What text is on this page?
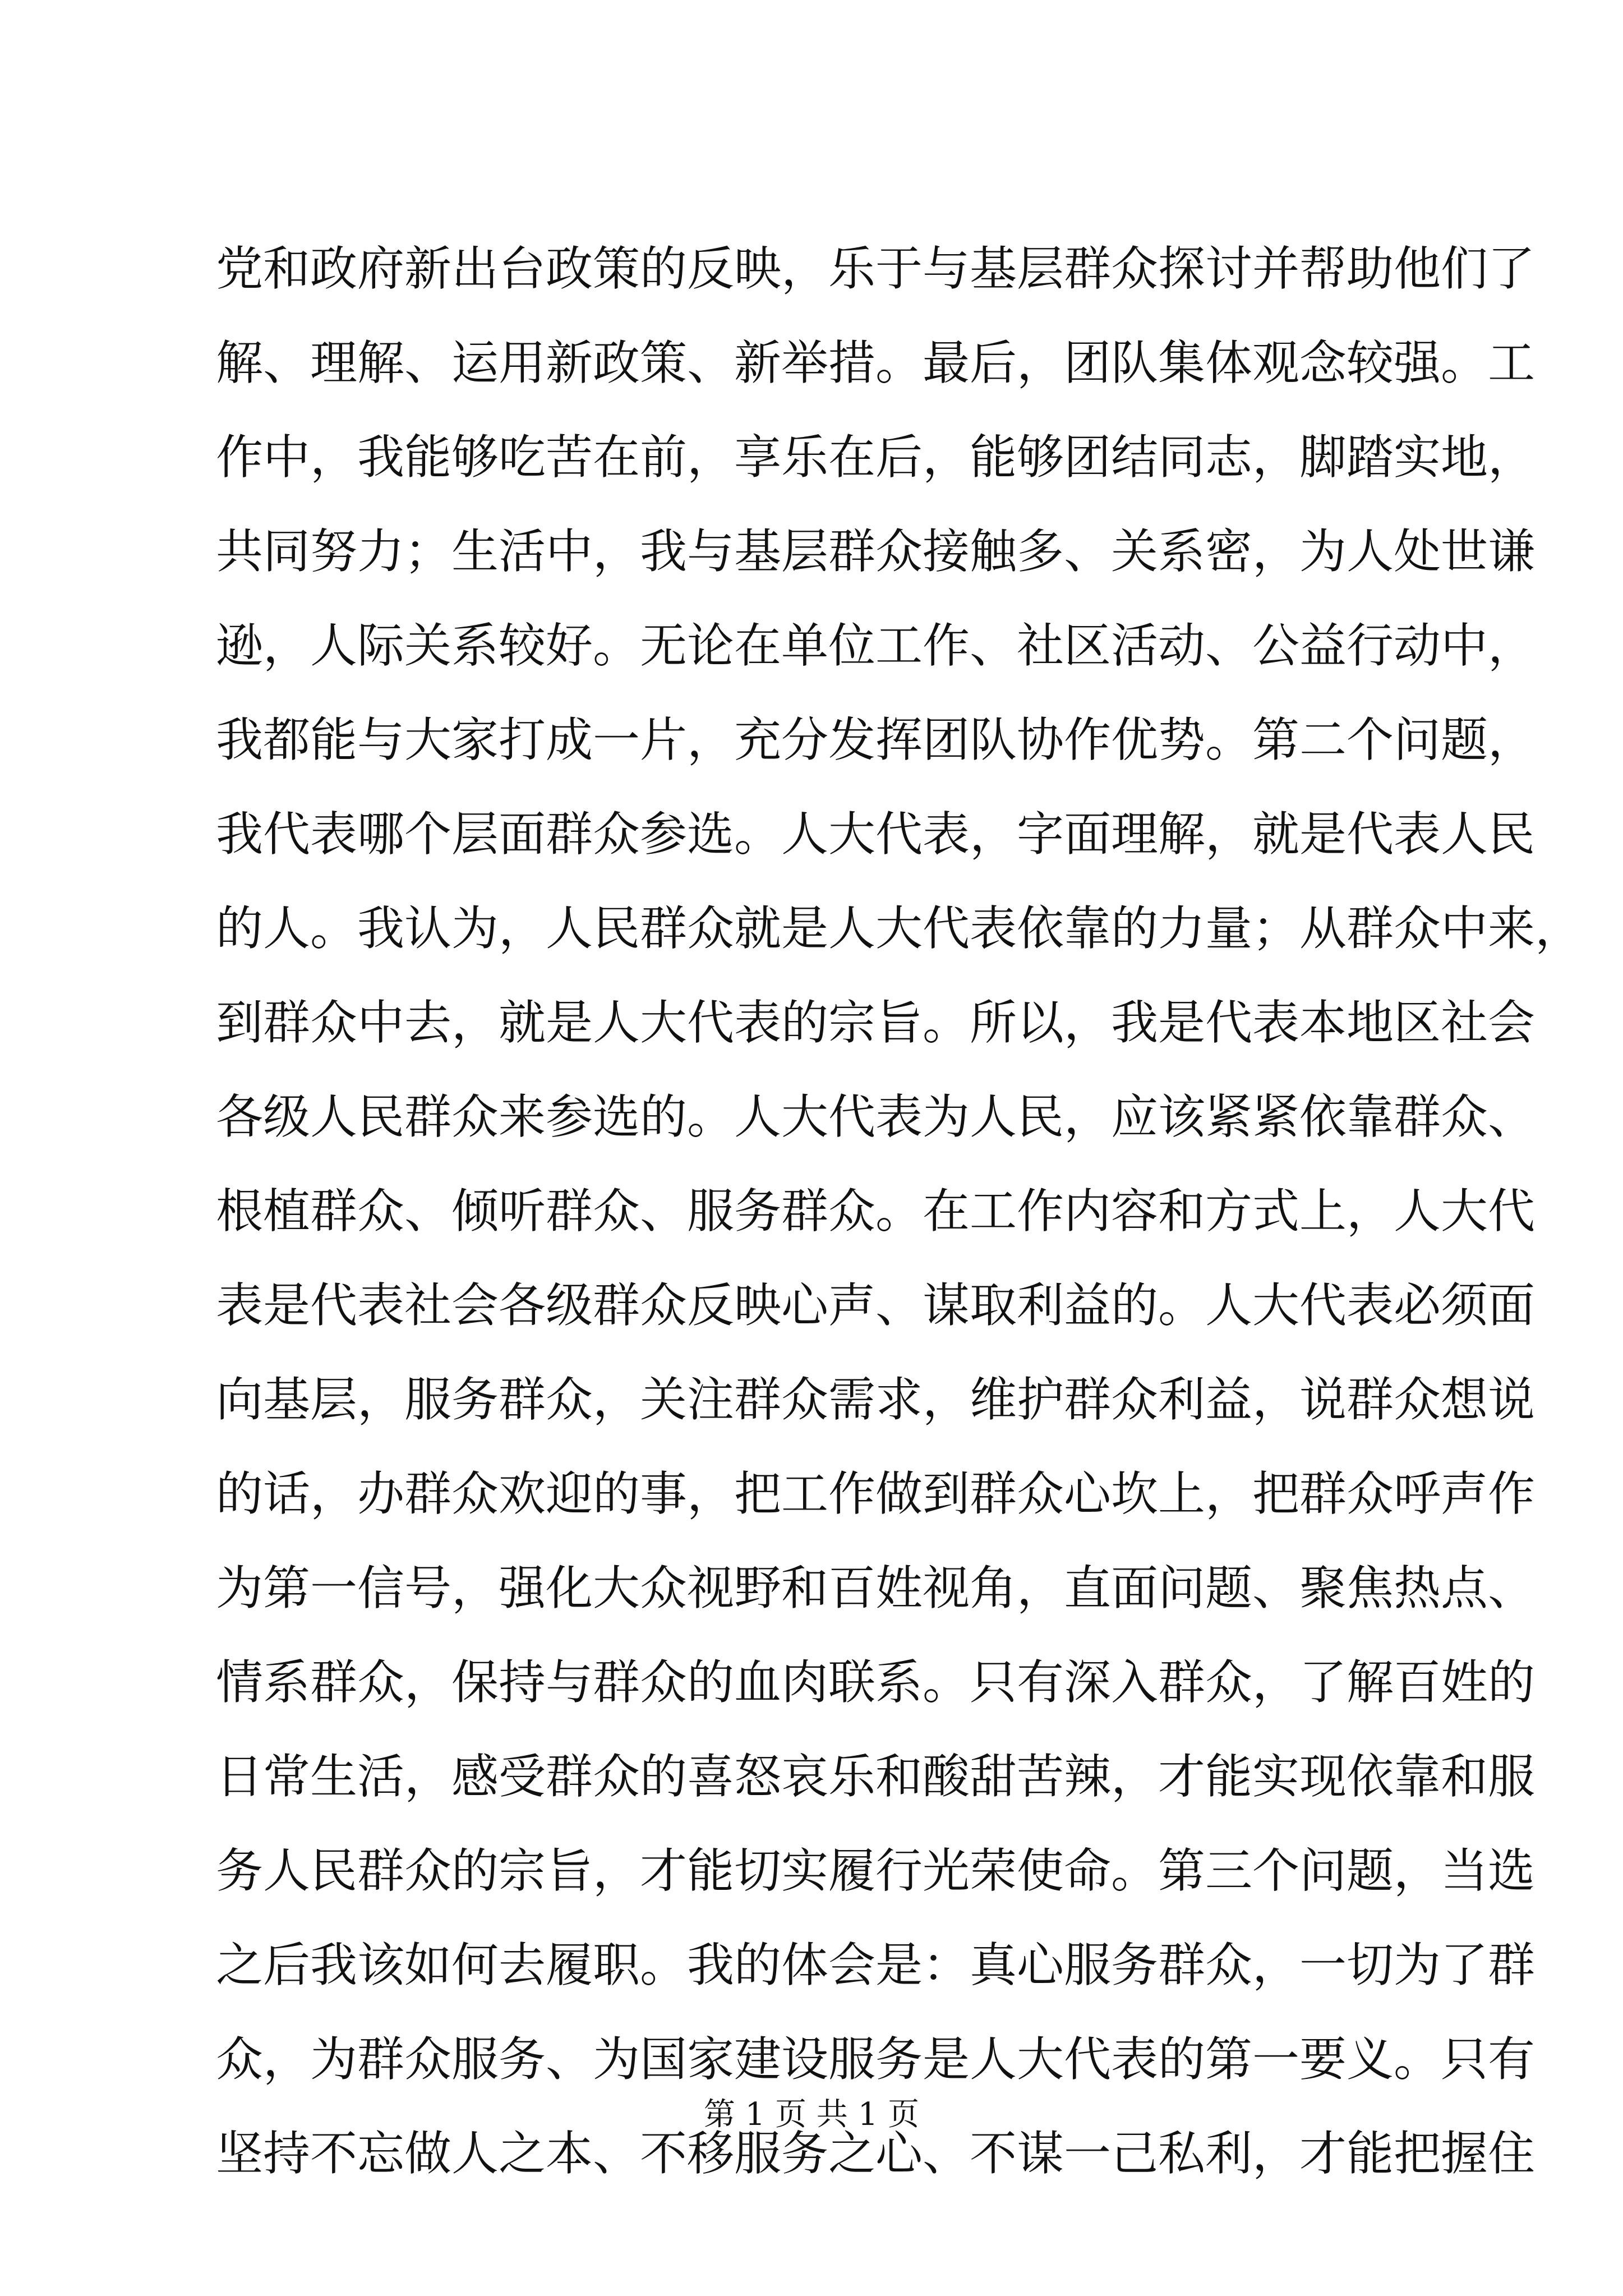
党和政府新出台政策的反映，乐于与基层群众探讨并帮助他们了
解、理解、运用新政策、新举措。最后，团队集体观念较强。工
作中，我能够吃苦在前，享乐在后，能够团结同志，脚踏实地，
共同努力；生活中，我与基层群众接触多、关系密，为人处世谦
逊，人际关系较好。无论在单位工作、社区活动、公益行动中，
我都能与大家打成一片，充分发挥团队协作优势。第二个问题，
我代表哪个层面群众参选。人大代表，字面理解，就是代表人民
的人。我认为，人民群众就是人大代表依靠的力量；从群众中来，
到群众中去，就是人大代表的宗旨。所以，我是代表本地区社会
各级人民群众来参选的。人大代表为人民，应该紧紧依靠群众、
根植群众、倾听群众、服务群众。在工作内容和方式上，人大代
表是代表社会各级群众反映心声、谋取利益的。人大代表必须面
向基层，服务群众，关注群众需求，维护群众利益，说群众想说
的话，办群众欢迎的事，把工作做到群众心坎上，把群众呼声作
为第一信号，强化大众视野和百姓视角，直面问题、聚焦热点、
情系群众，保持与群众的血肉联系。只有深入群众，了解百姓的
日常生活，感受群众的喜怒哀乐和酸甜苦辣，才能实现依靠和服
务人民群众的宗旨，才能切实履行光荣使命。第三个问题，当选
之后我该如何去履职。我的体会是：真心服务群众，一切为了群
众，为群众服务、为国家建设服务是人大代表的第一要义。只有
坚持不忘做人之本、不移服务之心、不谋一己私利，才能把握住
第 1 页 共 1 页
